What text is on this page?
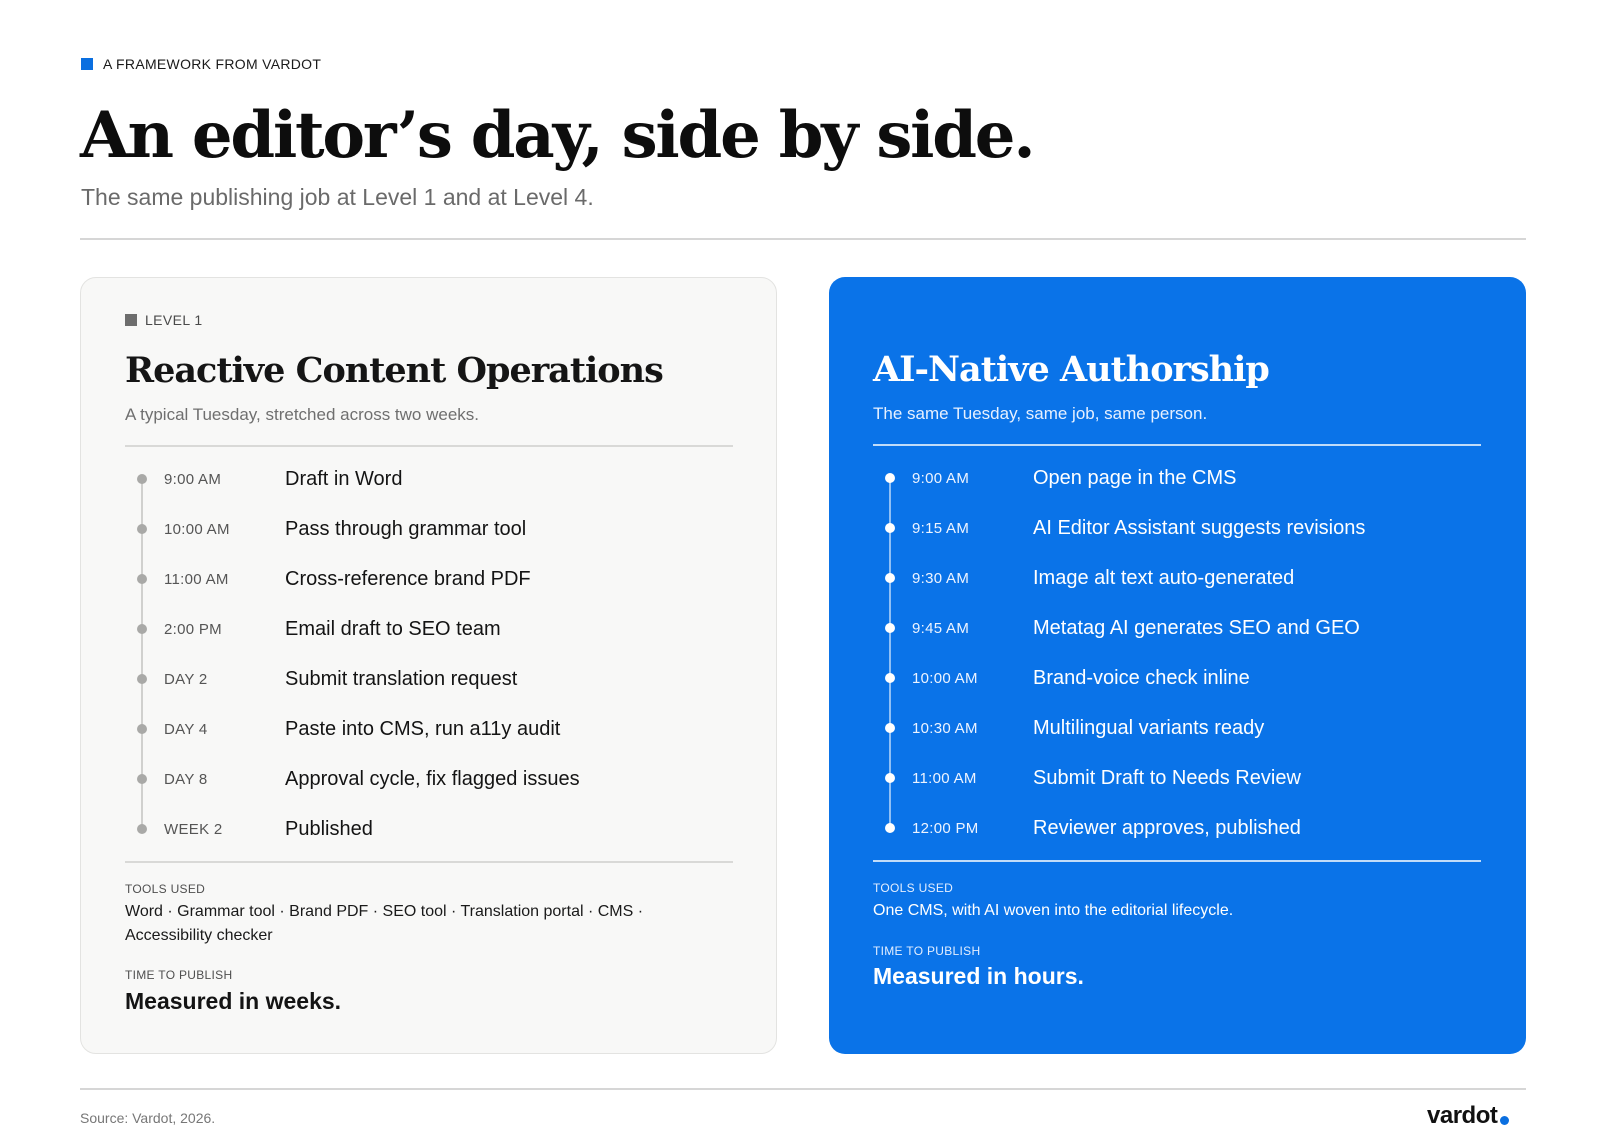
A FRAMEWORK FROM VARDOT
An editor’s day, side by side.
The same publishing job at Level 1 and at Level 4.
LEVEL 1
Reactive Content Operations
A typical Tuesday, stretched across two weeks.
9:00 AM	Draft in Word
10:00 AM	Pass through grammar tool
11:00 AM	Cross-reference brand PDF
2:00 PM	Email draft to SEO team
DAY 2	Submit translation request
DAY 4	Paste into CMS, run a11y audit
DAY 8	Approval cycle, fix flagged issues
WEEK 2	Published
TOOLS USED
Word · Grammar tool · Brand PDF · SEO tool · Translation portal · CMS · Accessibility checker
TIME TO PUBLISH
Measured in weeks.
AI-Native Authorship
The same Tuesday, same job, same person.
9:00 AM	Open page in the CMS
9:15 AM	AI Editor Assistant suggests revisions
9:30 AM	Image alt text auto-generated
9:45 AM	Metatag AI generates SEO and GEO
10:00 AM	Brand-voice check inline
10:30 AM	Multilingual variants ready
11:00 AM	Submit Draft to Needs Review
12:00 PM	Reviewer approves, published
TOOLS USED
One CMS, with AI woven into the editorial lifecycle.
TIME TO PUBLISH
Measured in hours.
Source: Vardot, 2026.	vardot
